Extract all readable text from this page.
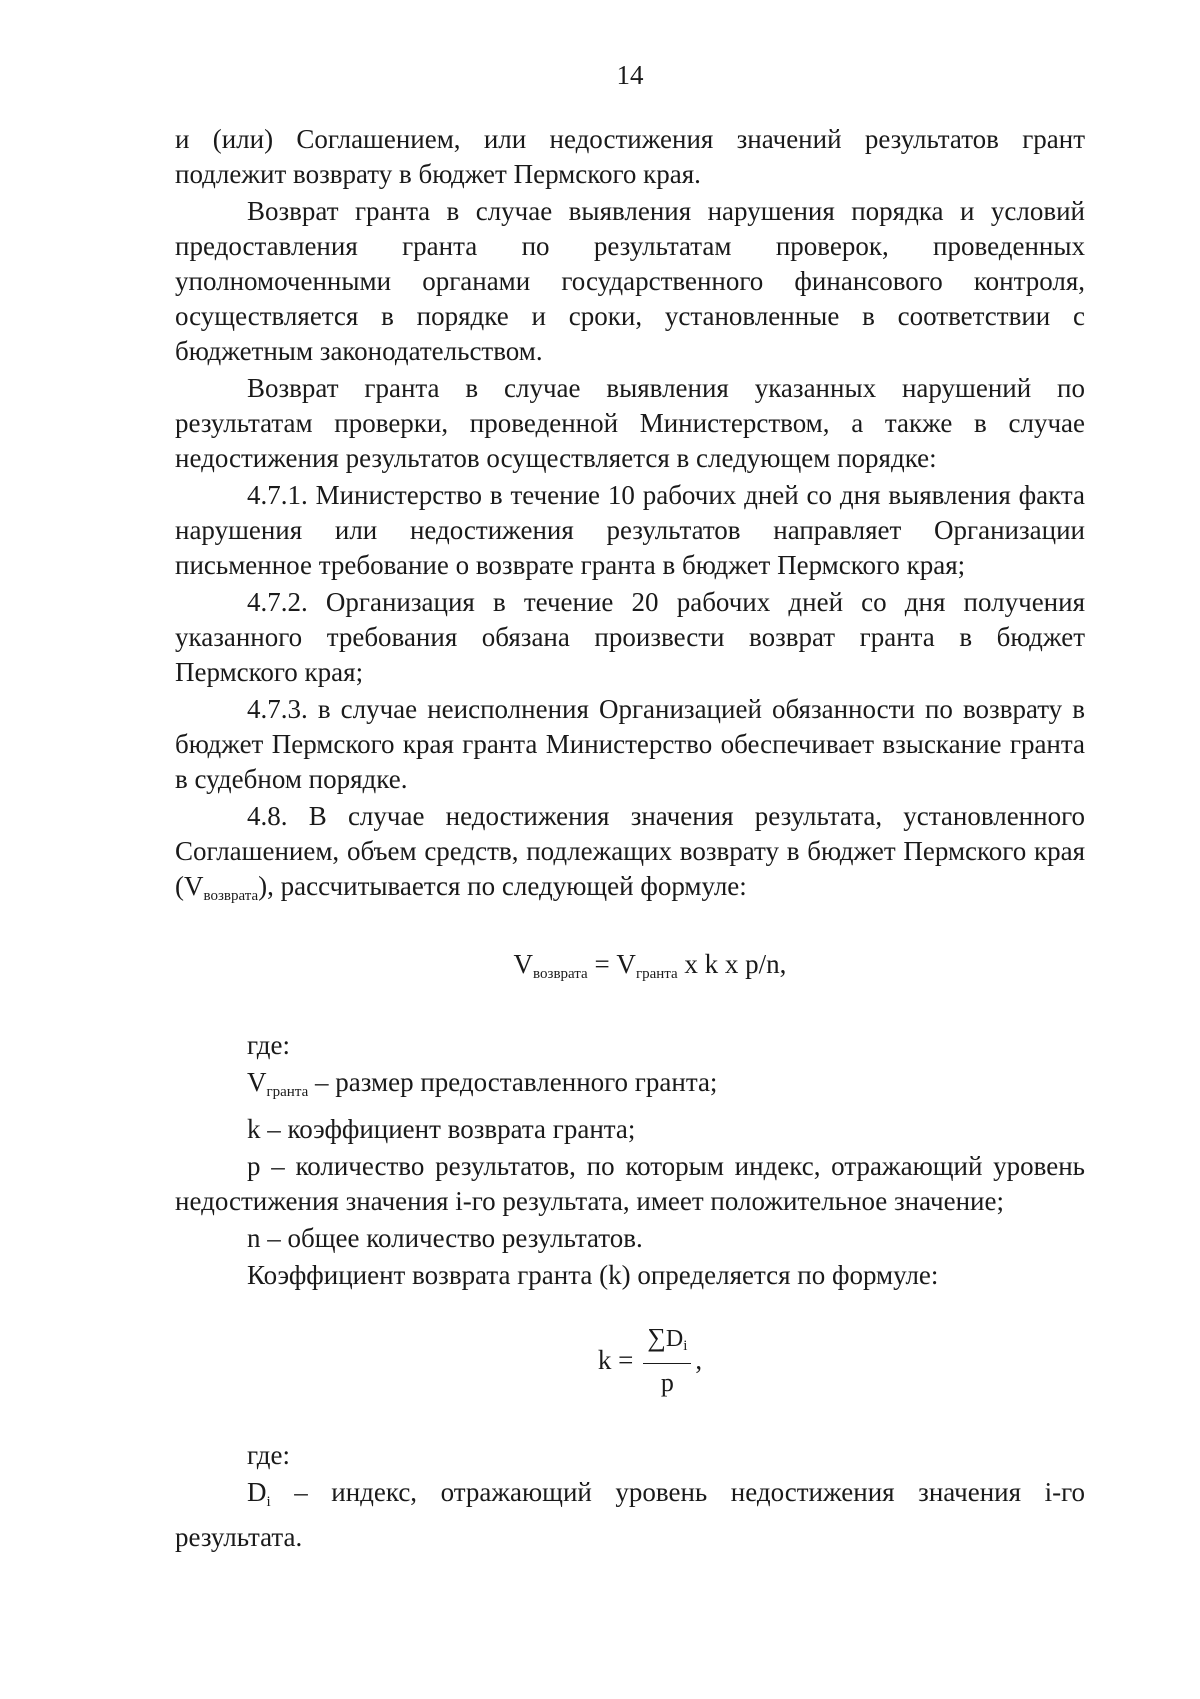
14

и (или) Соглашением, или недостижения значений результатов грант подлежит возврату в бюджет Пермского края.

Возврат гранта в случае выявления нарушения порядка и условий предоставления гранта по результатам проверок, проведенных уполномоченными органами государственного финансового контроля, осуществляется в порядке и сроки, установленные в соответствии с бюджетным законодательством.

Возврат гранта в случае выявления указанных нарушений по результатам проверки, проведенной Министерством, а также в случае недостижения результатов осуществляется в следующем порядке:

4.7.1. Министерство в течение 10 рабочих дней со дня выявления факта нарушения или недостижения результатов направляет Организации письменное требование о возврате гранта в бюджет Пермского края;

4.7.2. Организация в течение 20 рабочих дней со дня получения указанного требования обязана произвести возврат гранта в бюджет Пермского края;

4.7.3. в случае неисполнения Организацией обязанности по возврату в бюджет Пермского края гранта Министерство обеспечивает взыскание гранта в судебном порядке.

4.8. В случае недостижения значения результата, установленного Соглашением, объем средств, подлежащих возврату в бюджет Пермского края $(V_{возврата})$, рассчитывается по следующей формуле:

$V_{возврата} = V_{гранта}$ x k x p/n,

где:

$V_{гранта}$ – размер предоставленного гранта;

k – коэффициент возврата гранта;

p – количество результатов, по которым индекс, отражающий уровень недостижения значения i-го результата, имеет положительное значение;

n – общее количество результатов.

Коэффициент возврата гранта (k) определяется по формуле:

$k = \frac{\sum D_i}{p}$ ,

где:

$D_i$ – индекс, отражающий уровень недостижения значения i-го результата.
